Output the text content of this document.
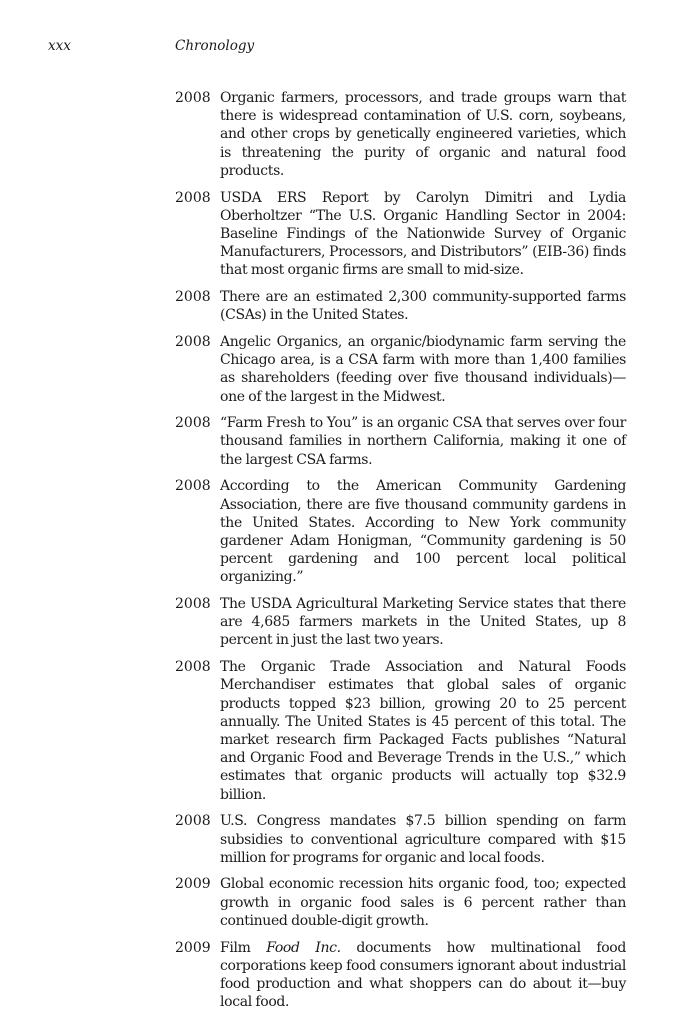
xxx	Chronology
2008 Organic farmers, processors, and trade groups warn that there is widespread contamination of U.S. corn, soybeans, and other crops by genetically engineered varieties, which is threatening the purity of organic and natural food products.
2008 USDA ERS Report by Carolyn Dimitri and Lydia Oberholtzer “The U.S. Organic Handling Sector in 2004: Baseline Findings of the Nationwide Survey of Organic Manufacturers, Processors, and Distributors” (EIB-36) finds that most organic firms are small to mid-size.
2008 There are an estimated 2,300 community-supported farms (CSAs) in the United States.
2008 Angelic Organics, an organic/biodynamic farm serving the Chicago area, is a CSA farm with more than 1,400 families as shareholders (feeding over five thousand individuals)—one of the largest in the Midwest.
2008 “Farm Fresh to You” is an organic CSA that serves over four thousand families in northern California, making it one of the largest CSA farms.
2008 According to the American Community Gardening Association, there are five thousand community gardens in the United States. According to New York community gardener Adam Honigman, “Community gardening is 50 percent gardening and 100 percent local political organizing.”
2008 The USDA Agricultural Marketing Service states that there are 4,685 farmers markets in the United States, up 8 percent in just the last two years.
2008 The Organic Trade Association and Natural Foods Merchandiser estimates that global sales of organic products topped $23 billion, growing 20 to 25 percent annually. The United States is 45 percent of this total. The market research firm Packaged Facts publishes “Natural and Organic Food and Beverage Trends in the U.S.,” which estimates that organic products will actually top $32.9 billion.
2008 U.S. Congress mandates $7.5 billion spending on farm subsidies to conventional agriculture compared with $15 million for programs for organic and local foods.
2009 Global economic recession hits organic food, too; expected growth in organic food sales is 6 percent rather than continued double-digit growth.
2009 Film Food Inc. documents how multinational food corporations keep food consumers ignorant about industrial food production and what shoppers can do about it—buy local food.
